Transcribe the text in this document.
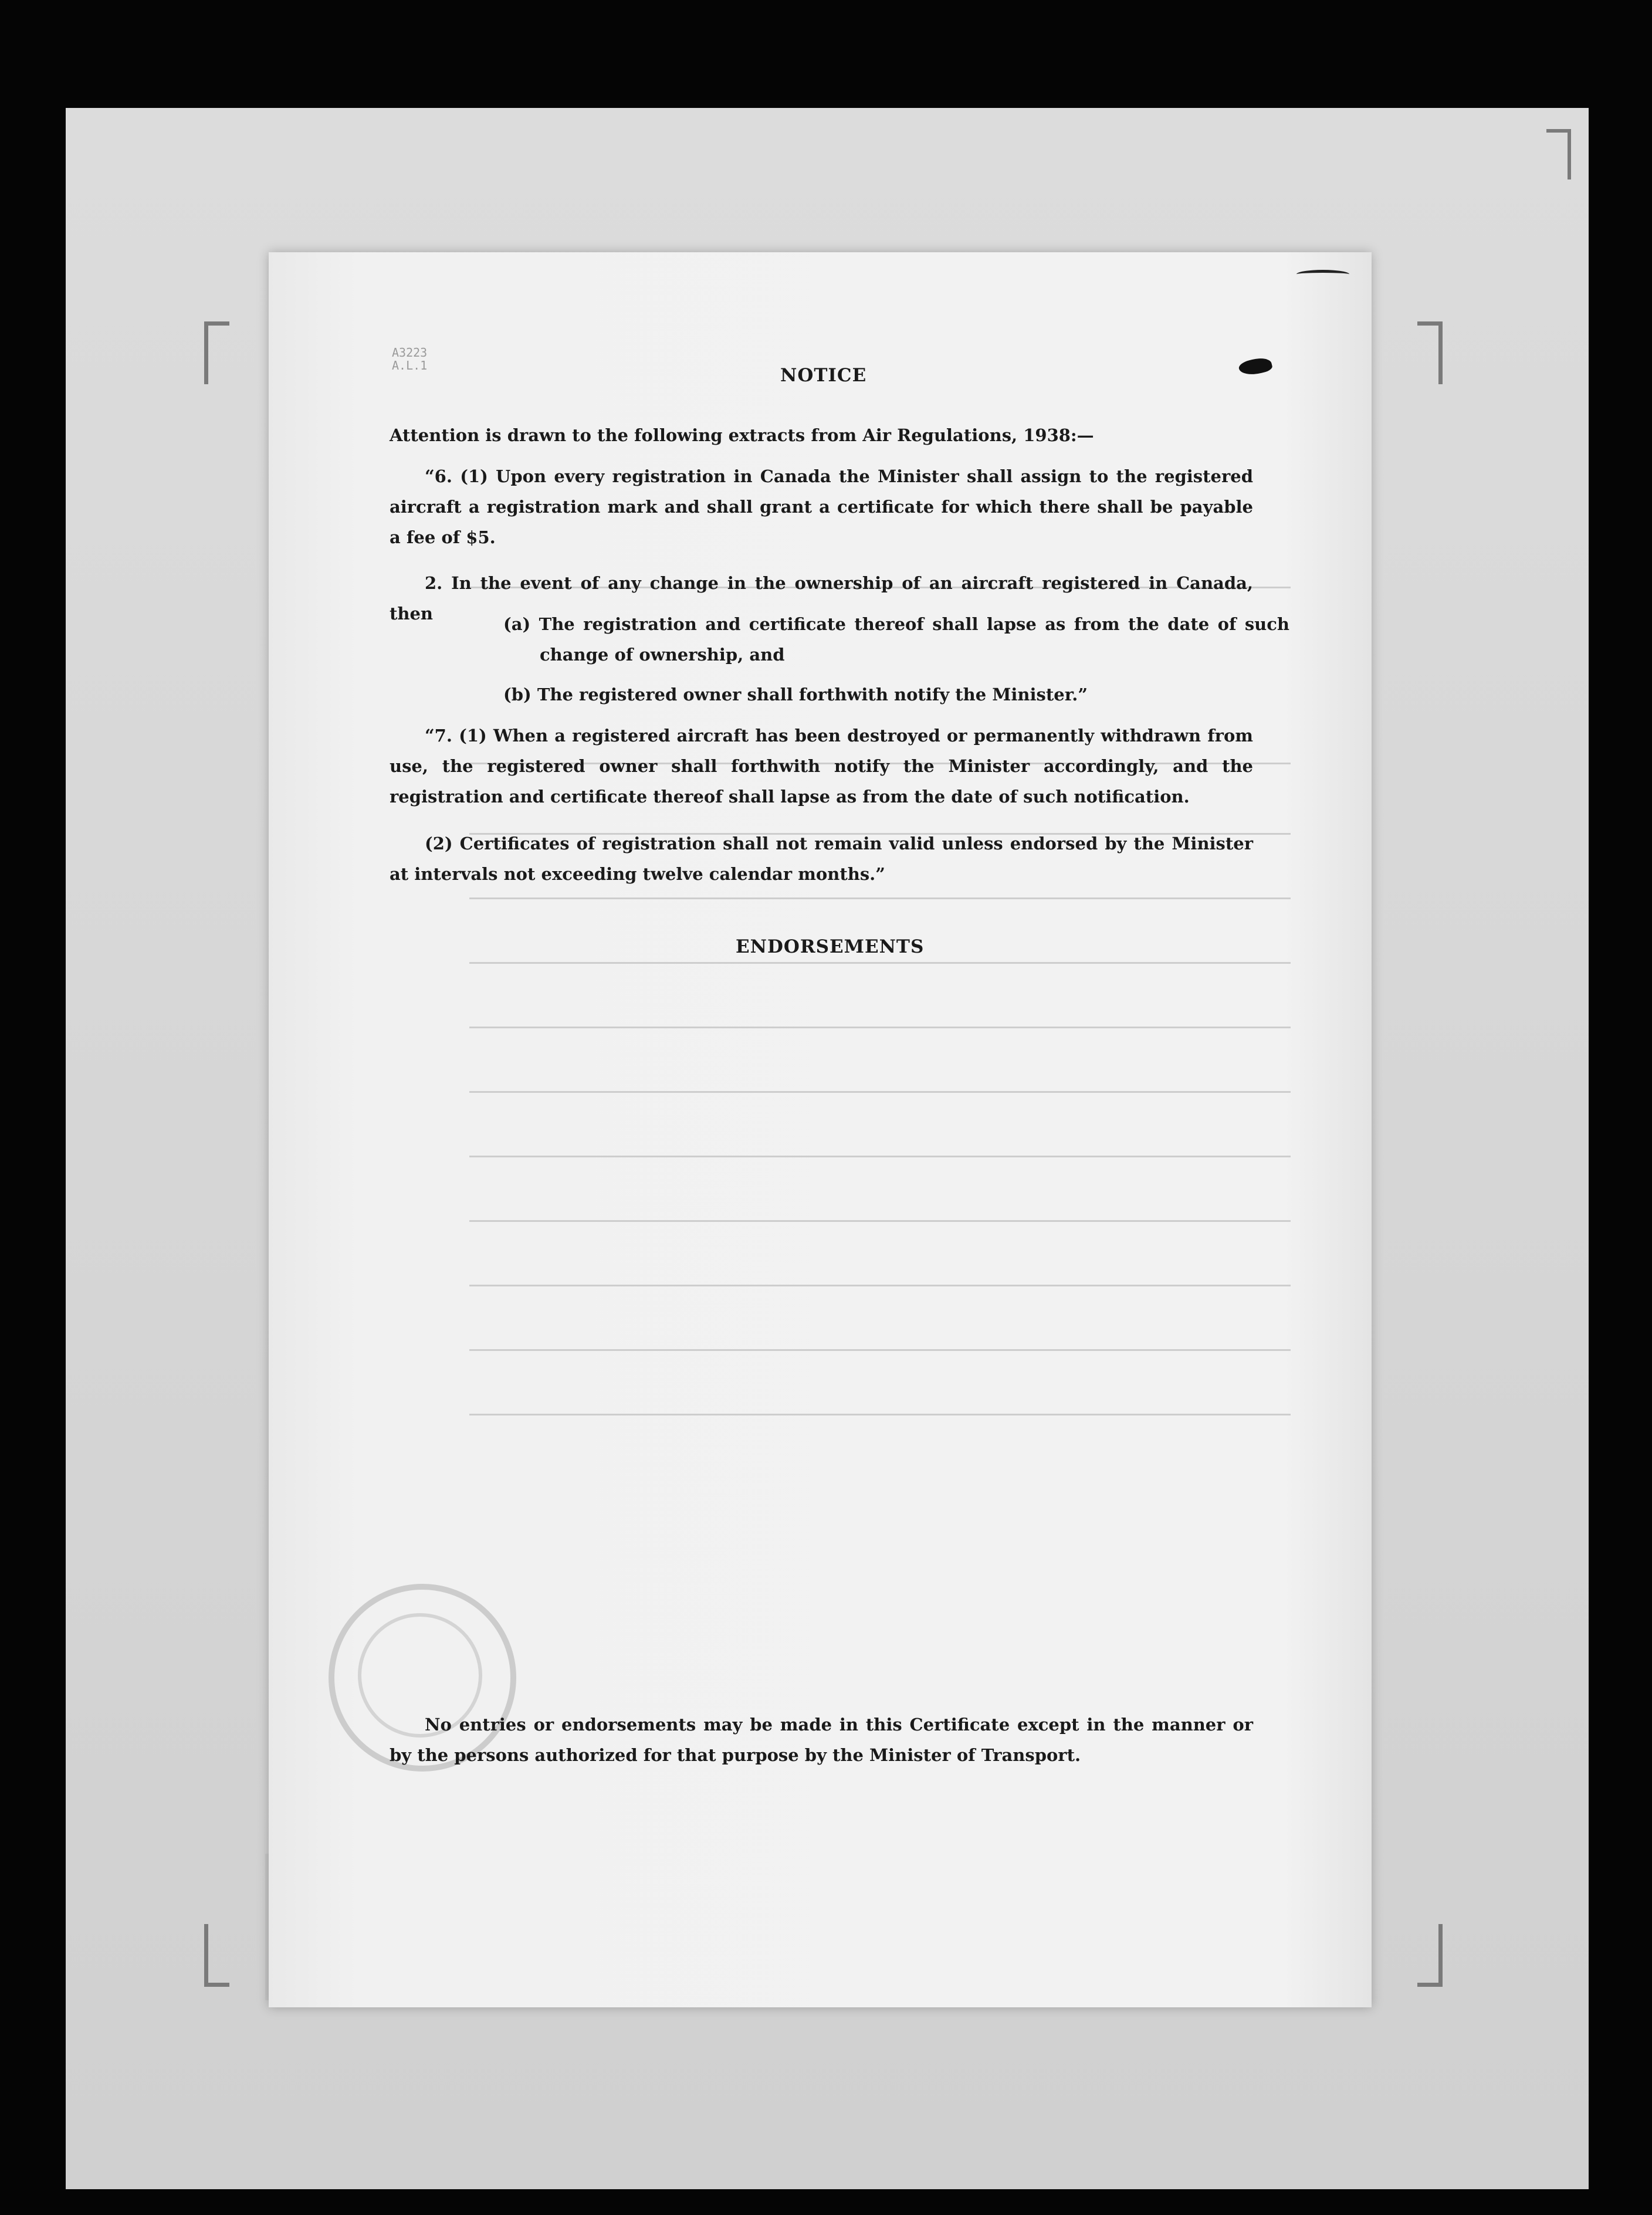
A3223
A.L.1	NOTICE

Attention is drawn to the following extracts from Air Regulations, 1938:—

“6. (1) Upon every registration in Canada the Minister shall assign to the registered aircraft a registration mark and shall grant a certificate for which there shall be payable a fee of $5.

2. In the event of any change in the ownership of an aircraft registered in Canada, then

(a) The registration and certificate thereof shall lapse as from the date of such change of ownership, and

(b) The registered owner shall forthwith notify the Minister.”

“7. (1) When a registered aircraft has been destroyed or permanently withdrawn from use, the registered owner shall forthwith notify the Minister accordingly, and the registration and certificate thereof shall lapse as from the date of such notification.

(2) Certificates of registration shall not remain valid unless endorsed by the Minister at intervals not exceeding twelve calendar months.”

ENDORSEMENTS

No entries or endorsements may be made in this Certificate except in the manner or by the persons authorized for that purpose by the Minister of Transport.
